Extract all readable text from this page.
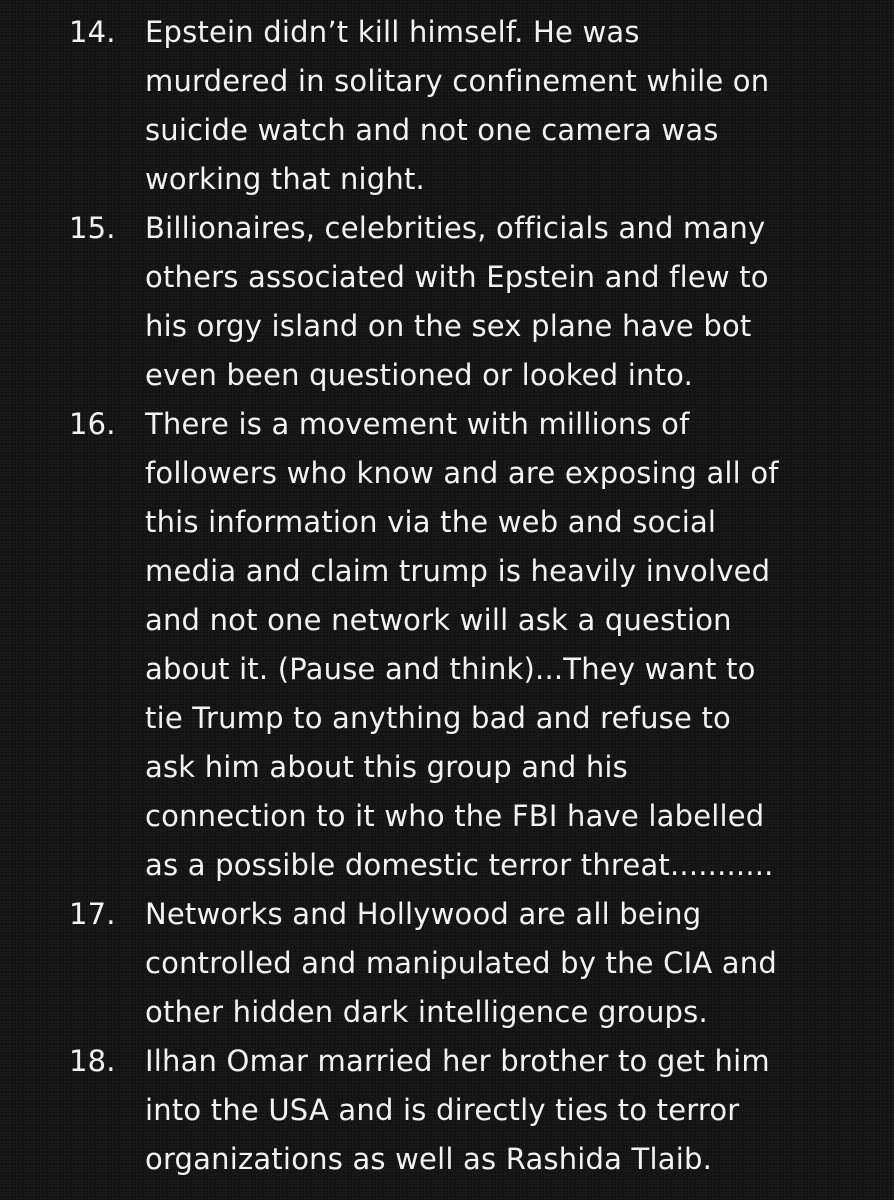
14.	Epstein didn’t kill himself. He was
murdered in solitary confinement while on
suicide watch and not one camera was
working that night.
15.	Billionaires, celebrities, officials and many
others associated with Epstein and flew to
his orgy island on the sex plane have bot
even been questioned or looked into.
16.	There is a movement with millions of
followers who know and are exposing all of
this information via the web and social
media and claim trump is heavily involved
and not one network will ask a question
about it. (Pause and think)...They want to
tie Trump to anything bad and refuse to
ask him about this group and his
connection to it who the FBI have labelled
as a possible domestic terror threat...........
17.	Networks and Hollywood are all being
controlled and manipulated by the CIA and
other hidden dark intelligence groups.
18.	Ilhan Omar married her brother to get him
into the USA and is directly ties to terror
organizations as well as Rashida Tlaib.
